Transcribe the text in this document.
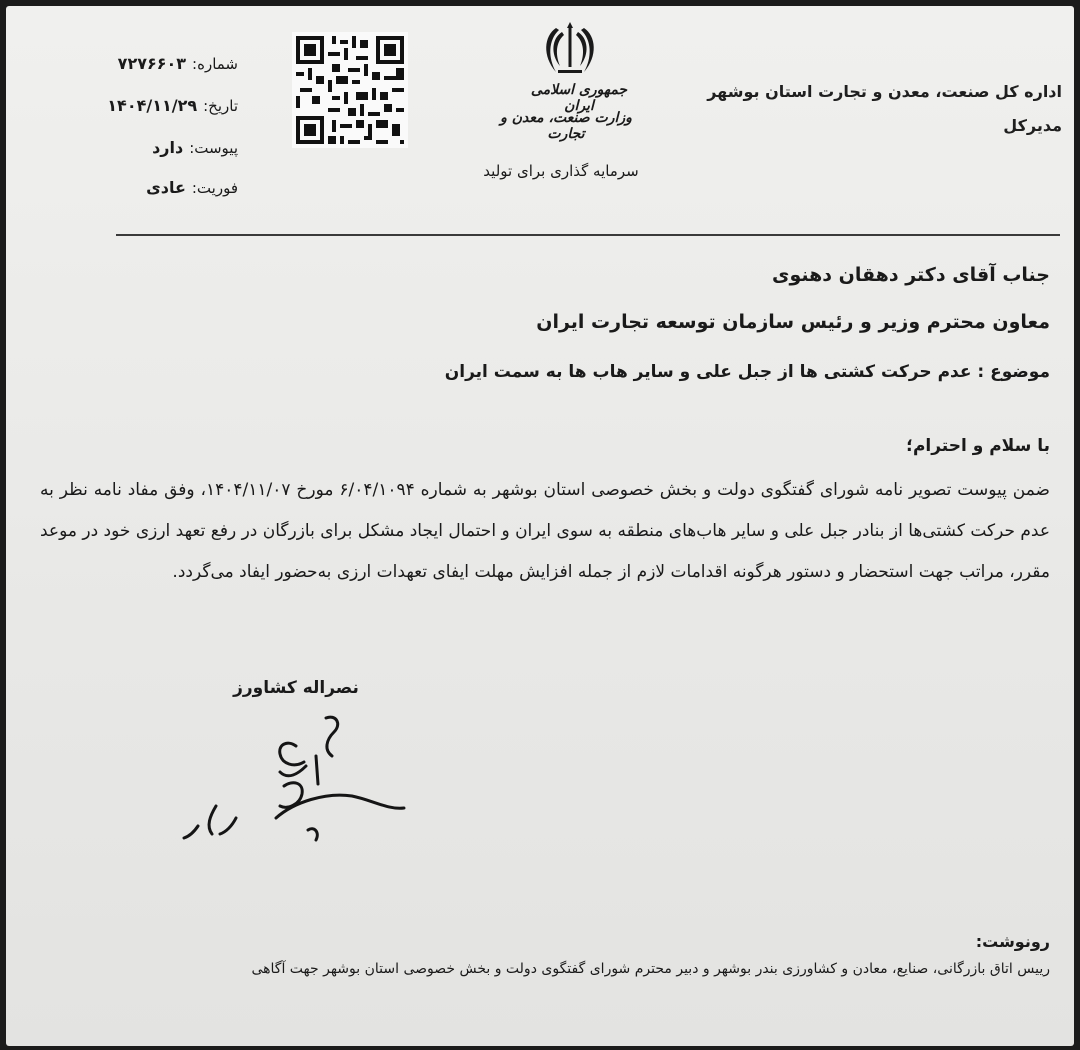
اداره کل صنعت، معدن و تجارت استان بوشهر
مدیرکل
جمهوری اسلامی ایران
وزارت صنعت، معدن و تجارت
سرمایه گذاری برای تولید
شماره:
۷۲۷۶۶۰۳
تاریخ:
۱۴۰۴/۱۱/۲۹
پیوست:
دارد
فوریت:
عادی
جناب آقای دکتر دهقان دهنوی
معاون محترم وزیر و رئیس سازمان توسعه تجارت ایران
موضوع : عدم حرکت کشتی ها از جبل علی و سایر هاب ها به سمت ایران
با سلام و احترام؛

ضمن پیوست تصویر نامه شورای گفتگوی دولت و بخش خصوصی استان بوشهر به شماره ۶/۰۴/۱۰۹۴ مورخ ۱۴۰۴/۱۱/۰۷، وفق مفاد نامه نظر به عدم حرکت کشتی‌ها از بنادر جبل علی و سایر هاب‌های منطقه به سوی ایران و احتمال ایجاد مشکل برای بازرگان در رفع تعهد ارزی خود در موعد مقرر، مراتب جهت استحضار و دستور هرگونه اقدامات لازم از جمله افزایش مهلت ایفای تعهدات ارزی به‌حضور ایفاد می‌گردد.

نصراله کشاورز
رونوشت:
رییس اتاق بازرگانی، صنایع، معادن و کشاورزی بندر بوشهر و دبیر محترم شورای گفتگوی دولت و بخش خصوصی استان بوشهر جهت آگاهی
